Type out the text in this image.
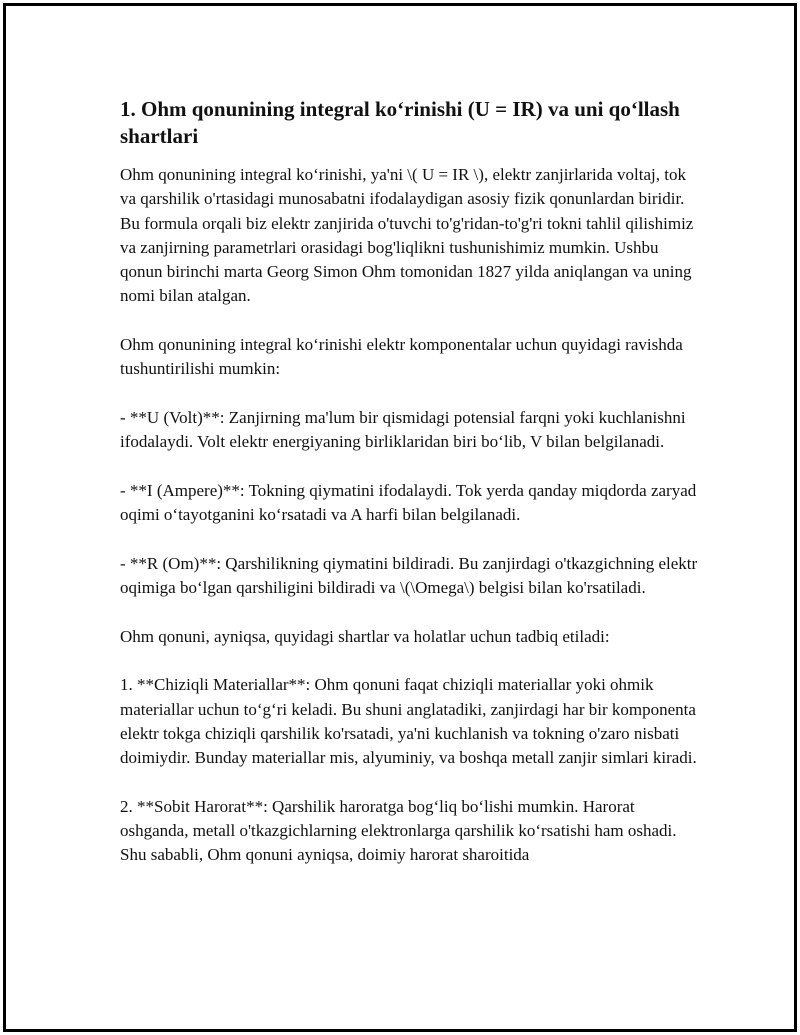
1. Ohm qonunining integral ko‘rinishi (U = IR) va uni qo‘llash shartlari

Ohm qonunining integral ko‘rinishi, ya'ni \( U = IR \), elektr zanjirlarida voltaj, tok va qarshilik o'rtasidagi munosabatni ifodalaydigan asosiy fizik qonunlardan biridir. Bu formula orqali biz elektr zanjirida o'tuvchi to'g'ridan-to'g'ri tokni tahlil qilishimiz va zanjirning parametrlari orasidagi bog'liqlikni tushunishimiz mumkin. Ushbu qonun birinchi marta Georg Simon Ohm tomonidan 1827 yilda aniqlangan va uning nomi bilan atalgan.

Ohm qonunining integral ko‘rinishi elektr komponentalar uchun quyidagi ravishda tushuntirilishi mumkin:

- **U (Volt)**: Zanjirning ma'lum bir qismidagi potensial farqni yoki kuchlanishni ifodalaydi. Volt elektr energiyaning birliklaridan biri bo‘lib, V bilan belgilanadi.

- **I (Ampere)**: Tokning qiymatini ifodalaydi. Tok yerda qanday miqdorda zaryad oqimi o‘tayotganini ko‘rsatadi va A harfi bilan belgilanadi.

- **R (Om)**: Qarshilikning qiymatini bildiradi. Bu zanjirdagi o'tkazgichning elektr oqimiga bo‘lgan qarshiligini bildiradi va \(\Omega\) belgisi bilan ko'rsatiladi.

Ohm qonuni, ayniqsa, quyidagi shartlar va holatlar uchun tadbiq etiladi:

1. **Chiziqli Materiallar**: Ohm qonuni faqat chiziqli materiallar yoki ohmik materiallar uchun to‘g‘ri keladi. Bu shuni anglatadiki, zanjirdagi har bir komponenta elektr tokga chiziqli qarshilik ko'rsatadi, ya'ni kuchlanish va tokning o'zaro nisbati doimiydir. Bunday materiallar mis, alyuminiy, va boshqa metall zanjir simlari kiradi.

2. **Sobit Harorat**: Qarshilik haroratga bog‘liq bo‘lishi mumkin. Harorat oshganda, metall o'tkazgichlarning elektronlarga qarshilik ko‘rsatishi ham oshadi. Shu sababli, Ohm qonuni ayniqsa, doimiy harorat sharoitida
